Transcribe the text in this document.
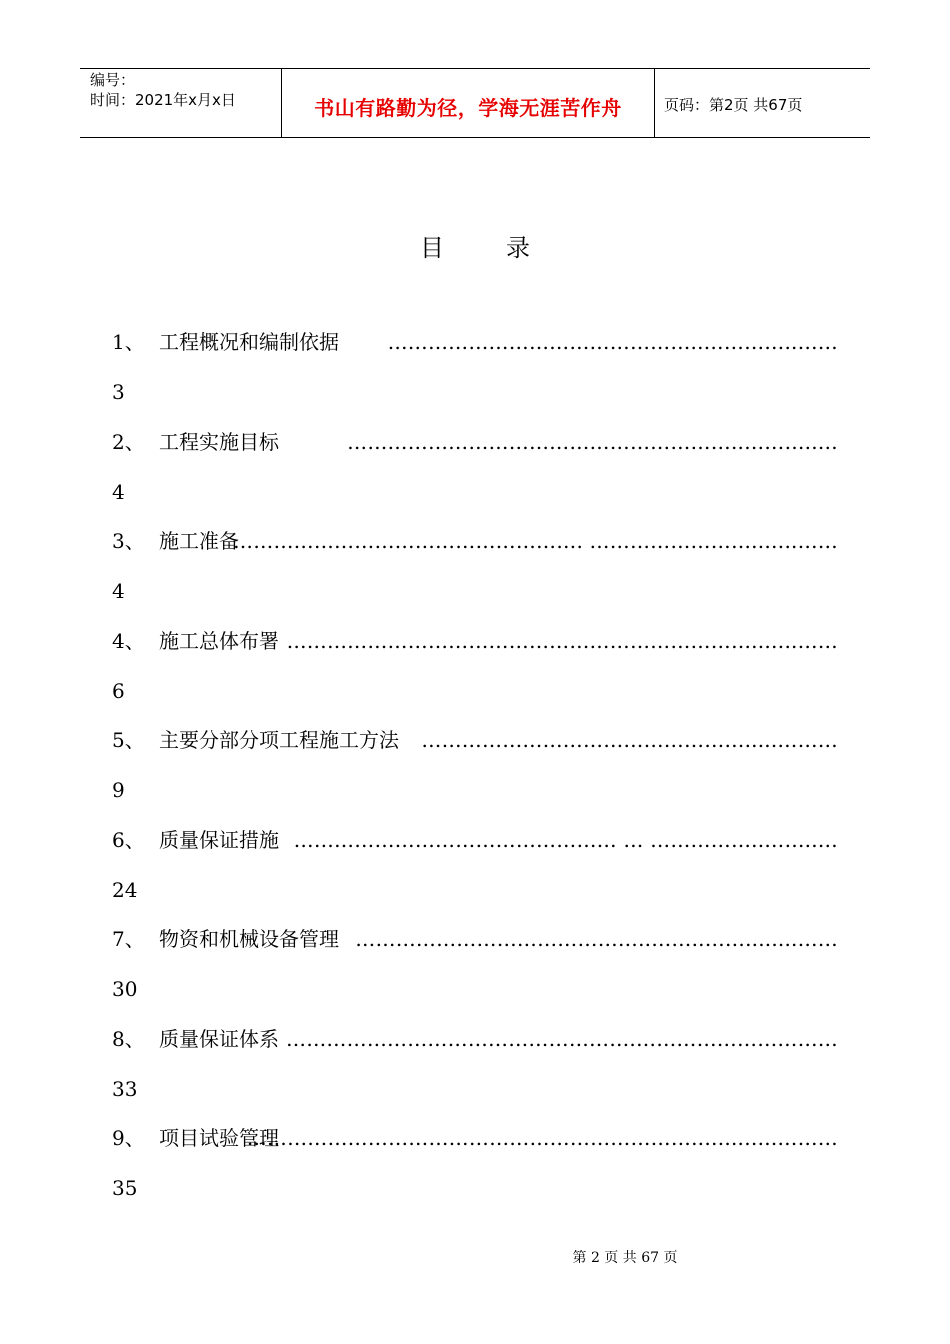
编号：
时间：2021年x月x日	书山有路勤为径，学海无涯苦作舟	页码：第2页 共67页
目	录
1、 工程概况和编制依据 ………………………………………..…………..……
3
2、 工程实施目标	…………………………………………………..………..…
4
3、 施工准备
……………………………………………. ……………………..…..……
4
4、 施工总体布署 ……………………………………………………………..…..……
6
5、 主要分部分项工程施工方法 ………………………………………….....………
9
6、 质量保证措施 ………………………………………… … ……………..……..…
24
7、 物资和机械设备管理 ……………………………………..……..……........……
30
8、 质量保证体系 …………………………………………….…………………………
33
9、 项目试验管理
…………………………………………………………..…...…..………
35
第 2 页 共 67 页
